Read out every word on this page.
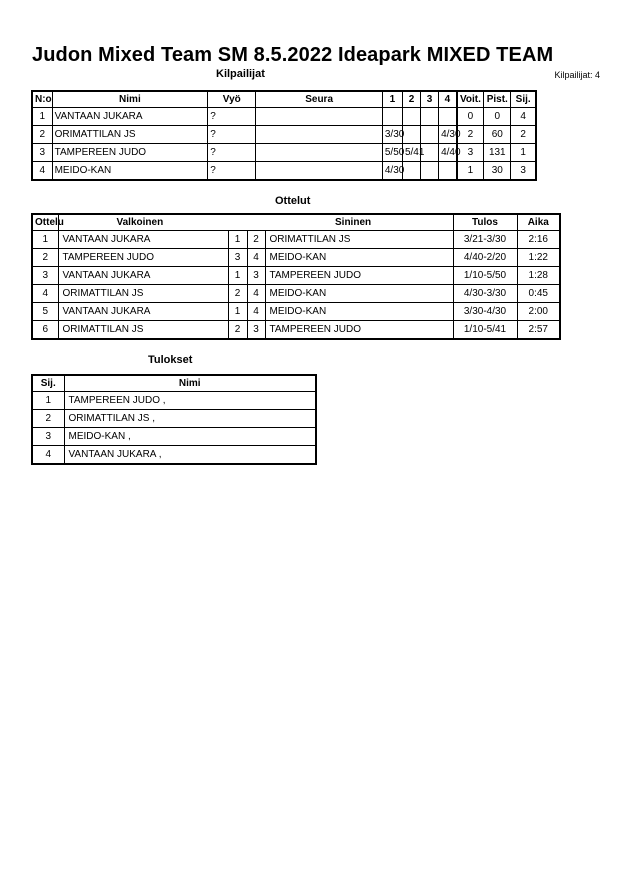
Judon Mixed Team SM 8.5.2022 Ideapark MIXED TEAM
Kilpailijat	Kilpailijat: 4
N:o	Nimi	Vyö	Seura	1	2	3	4	Voit.	Pist.	Sij.
1	VANTAAN JUKARA	?						0	0	4
2	ORIMATTILAN JS	?		3/30			4/30	2	60	2
3	TAMPEREEN JUDO	?		5/50	5/41		4/40	3	131	1
4	MEIDO-KAN	?		4/30				1	30	3
Ottelut
Ottelu	Valkoinen			Sininen	Tulos	Aika
1	VANTAAN JUKARA	1	2	ORIMATTILAN JS	3/21-3/30	2:16
2	TAMPEREEN JUDO	3	4	MEIDO-KAN	4/40-2/20	1:22
3	VANTAAN JUKARA	1	3	TAMPEREEN JUDO	1/10-5/50	1:28
4	ORIMATTILAN JS	2	4	MEIDO-KAN	4/30-3/30	0:45
5	VANTAAN JUKARA	1	4	MEIDO-KAN	3/30-4/30	2:00
6	ORIMATTILAN JS	2	3	TAMPEREEN JUDO	1/10-5/41	2:57
Tulokset
Sij.	Nimi
1	TAMPEREEN JUDO ,
2	ORIMATTILAN JS ,
3	MEIDO-KAN ,
4	VANTAAN JUKARA ,
